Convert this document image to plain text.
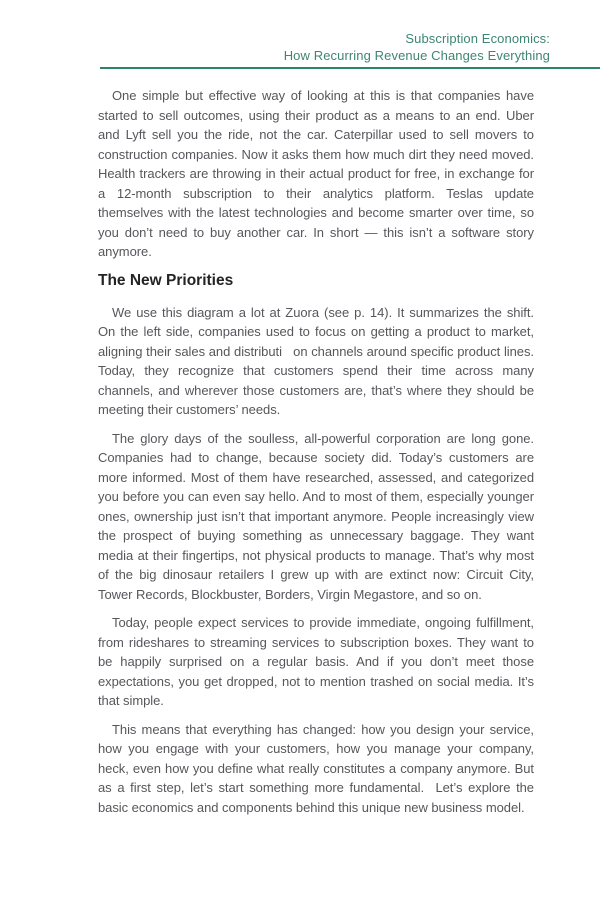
Subscription Economics:
How Recurring Revenue Changes Everything

One simple but effective way of looking at this is that companies have started to sell outcomes, using their product as a means to an end. Uber and Lyft sell you the ride, not the car. Caterpillar used to sell movers to construction companies. Now it asks them how much dirt they need moved. Health trackers are throwing in their actual product for free, in exchange for a 12-month subscription to their analytics platform. Teslas update themselves with the latest technologies and become smarter over time, so you don’t need to buy another car. In short — this isn’t a software story anymore.

The New Priorities

We use this diagram a lot at Zuora (see p. 14). It summarizes the shift. On the left side, companies used to focus on getting a product to market, aligning their sales and distributi   on channels around specific product lines. Today, they recognize that customers spend their time across many channels, and wherever those customers are, that’s where they should be meeting their customers’ needs.

The glory days of the soulless, all-powerful corporation are long gone. Companies had to change, because society did. Today’s customers are more informed. Most of them have researched, assessed, and categorized you before you can even say hello. And to most of them, especially younger ones, ownership just isn’t that important anymore. People increasingly view the prospect of buying something as unnecessary baggage. They want media at their fingertips, not physical products to manage. That’s why most of the big dinosaur retailers I grew up with are extinct now: Circuit City, Tower Records, Blockbuster, Borders, Virgin Megastore, and so on.

Today, people expect services to provide immediate, ongoing fulfillment, from rideshares to streaming services to subscription boxes. They want to be happily surprised on a regular basis. And if you don’t meet those expectations, you get dropped, not to mention trashed on social media. It’s that simple.

This means that everything has changed: how you design your service, how you engage with your customers, how you manage your company, heck, even how you define what really constitutes a company anymore. But as a first step, let’s start something more fundamental.  Let’s explore the basic economics and components behind this unique new business model.
